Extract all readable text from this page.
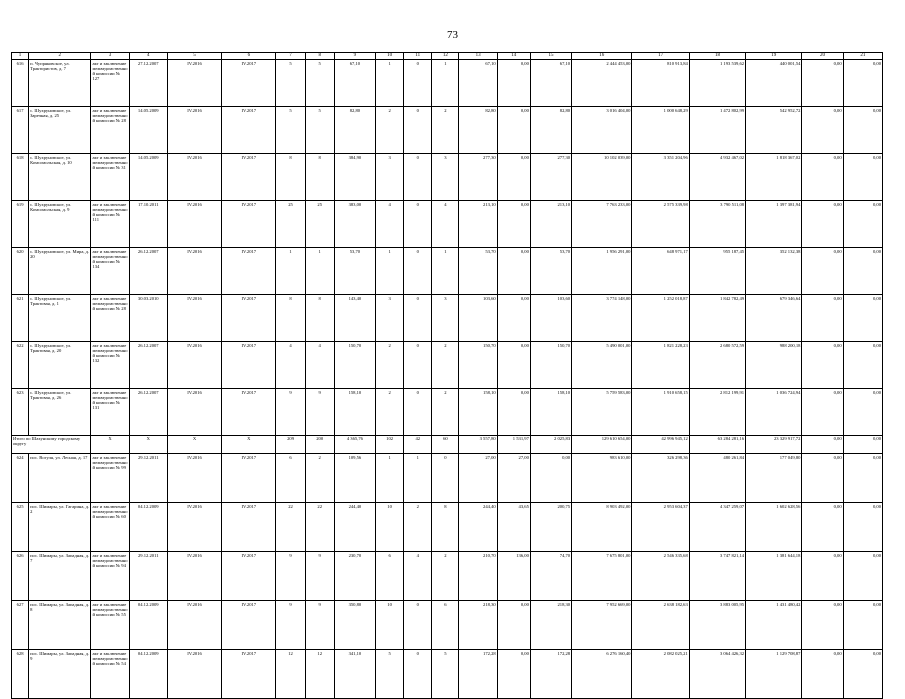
73
1	2	3	4	5	6	7	8	9	10	11	12	13	14	15	16	17	18	19	20	21
616	п. Чупряковское, ул. Трактористов, д. 7	акт и заключение межведомственной комиссии № 127	27.12.2007	IV.2016	IV.2017	5	5	67,10	1	0	1	67,10	0,00	67,10	2 444 453,00	810 913,84	1 193 539,62	440 001,54	0,00	0,00
617	с. Шухруновское, ул. Заречная, д. 25	акт и заключение межведомственной комиссии № 28	14.05.2009	IV.2016	IV.2017	5	5	82,80	2	0	2	82,80	0,00	82,80	3 016 404,00	1 000 648,29	1 472 802,99	542 952,72	0,00	0,00
618	с. Шухруновское, ул. Комсомольская, д. 10	акт и заключение межведомственной комиссии № 31	14.05.2009	IV.2016	IV.2017	8	8	384,90	3	0	3	277,30	0,00	277,30	10 102 039,00	3 351 204,96	4 932 467,02	1 818 367,02	0,00	0,00
619	с. Шухруновское, ул. Комсомольская, д. 9	акт и заключение межведомственной комиссии № 111	17.10.2011	IV.2016	IV.2017	25	25	383,00	4	0	4	213,10	0,00	213,10	7 763 233,00	2 575 339,98	3 790 511,08	1 397 381,94	0,00	0,00
620	с. Шухруновское, ул. Мира, д. 20	акт и заключение межведомственной комиссии № 134	26.12.2007	IV.2016	IV.2017	1	1	53,70	1	0	1	53,70	0,00	53,70	1 956 291,00	648 971,17	955 187,45	352 132,38	0,00	0,00
621	с. Шухруновское, ул. Трактовая, д. 1	акт и заключение межведомственной комиссии № 28	30.03.2010	IV.2016	IV.2017	8	8	143,40	3	0	3	103,60	0,00	103,60	3 774 148,00	1 252 018,87	1 842 782,49	679 346,64	0,00	0,00
622	с. Шухруновское, ул. Трактовая, д. 20	акт и заключение межведомственной комиссии № 132	26.12.2007	IV.2016	IV.2017	4	4	150,70	2	0	2	150,70	0,00	150,70	5 490 001,00	1 821 228,23	2 680 572,59	988 200,18	0,00	0,00
623	с. Шухруновское, ул. Трактовая, д. 26	акт и заключение межведомственной комиссии № 131	26.12.2007	IV.2016	IV.2017	9	9	158,10	2	0	2	158,10	0,00	158,10	5 759 583,00	1 910 658,15	2 812 199,91	1 036 724,94	0,00	0,00
Итого по Шахунскому городскому округу		X	X	X	X	209	200	4 365,76	102	42	60	3 557,80	1 531,97	2 025,83	129 610 654,00	42 996 945,12	63 284 281,16	23 329 917,72	0,00	0,00
624	пос. Вогуля, ул. Лесная, д. 17	акт и заключение межведомственной комиссии № 99	29.12.2011	IV.2016	IV.2017	6	2	109,56	1	1	0	27,00	27,00	0,00	983 610,00	326 298,36	480 261,84	177 049,80	0,00	0,00
625	пос. Шимары, ул. Гагарина, д. 2	акт и заключение межведомственной комиссии № 60	04.12.2009	IV.2016	IV.2017	22	22	244,40	10	2	8	244,40	43,65	200,75	8 903 492,00	2 953 604,37	4 347 259,07	1 602 628,56	0,00	0,00
626	пос. Шимары, ул. Западная, д. 7	акт и заключение межведомственной комиссии № 94	29.12.2011	IV.2016	IV.2017	9	9	230,70	6	4	2	210,70	136,00	74,70	7 675 801,00	2 546 335,68	3 747 821,14	1 381 644,18	0,00	0,00
627	пос. Шимары, ул. Западная, д. 8	акт и заключение межведомственной комиссии № 55	04.12.2009	IV.2016	IV.2017	9	9	350,80	10	0	6	218,30	0,00	218,30	7 952 669,00	2 638 182,63	3 883 005,95	1 431 480,42	0,00	0,00
628	пос. Шимары, ул. Западная, д. 9	акт и заключение межведомственной комиссии № 54	04.12.2009	IV.2016	IV.2017	12	12	341,10	5	0	5	172,28	0,00	172,28	6 276 160,40	2 082 025,21	3 064 426,32	1 129 708,87	0,00	0,00
